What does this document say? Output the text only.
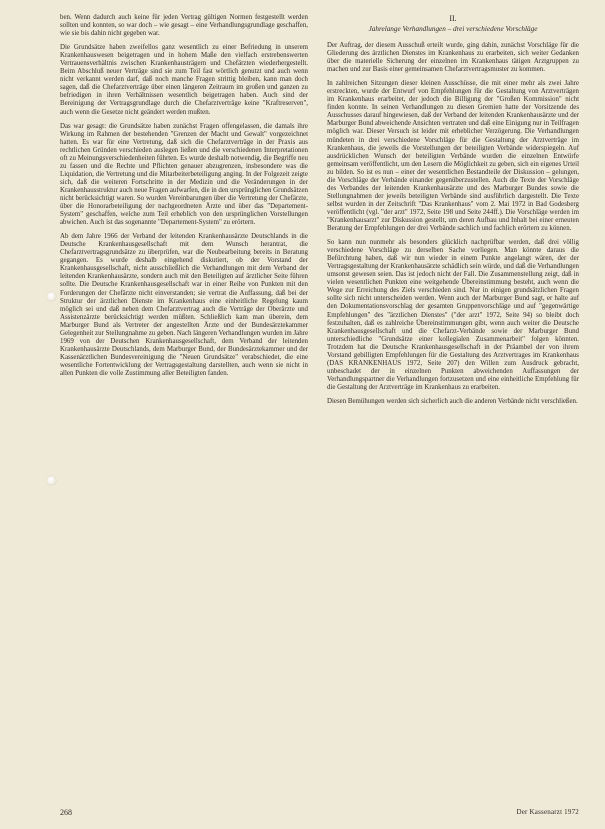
ben. Wenn dadurch auch keine für jeden Vertrag gültigen Normen festgestellt werden sollten und konnten, so war doch – wie gesagt – eine Verhandlungsgrundlage geschaffen, wie sie bis dahin nicht gegeben war.

Die Grundsätze haben zweifellos ganz wesentlich zu einer Befriedung in unserem Krankenhauswesen beigetragen und in hohem Maße den vielfach erstrebenswerten Vertrauensverhältnis zwischen Krankenhausträgern und Chefärzten wiederhergestellt. Beim Abschluß neuer Verträge sind sie zum Teil fast wörtlich genutzt und auch wenn nicht verkannt werden darf, daß noch manche Fragen strittig bleiben, kann man doch sagen, daß die Chefarztverträge über einen längeren Zeitraum im großen und ganzen zu befriedigen in ihren Verhältnissen wesentlich beigetragen haben. Auch sind der Bereinigung der Vertragsgrundlage durch die Chefarztverträge keine "Kraftreserven", auch wenn die Gesetze nicht geändert werden mußten.

Das war gesagt: die Grundsätze haben zunächst Fragen offengelassen, die damals ihre Wirkung im Rahmen der bestehenden "Grenzen der Macht und Gewalt" vorgezeichnet hatten. Es war für eine Vertretung, daß sich die Chefarztverträge in der Praxis aus rechtlichen Gründen verschieden auslegen ließen und die verschiedenen Interpretationen oft zu Meinungsverschiedenheiten führten. Es wurde deshalb notwendig, die Begriffe neu zu fassen und die Rechte und Pflichten genauer abzugrenzen, insbesondere was die Liquidation, die Vertretung und die Mitarbeiterbeteiligung anging. In der Folgezeit zeigte sich, daß die weiteren Fortschritte in der Medizin und die Veränderungen in der Krankenhausstruktur auch neue Fragen aufwarfen, die in den ursprünglichen Grundsätzen nicht berücksichtigt waren. So wurden Vereinbarungen über die Vertretung der Chefärzte, über die Honorarbeteiligung der nachgeordneten Ärzte und über das "Departement-System" geschaffen, welche zum Teil erheblich von den ursprünglichen Vorstellungen abwichen. Auch ist das sogenannte "Departement-System" zu erörtern.

Ab dem Jahre 1966 der Verband der leitenden Krankenhausärzte Deutschlands in die Deutsche Krankenhausgesellschaft mit dem Wunsch herantrat, die Chefarztvertragsgrundsätze zu überprüfen, war die Neubearbeitung bereits in Beratung gegangen. Es wurde deshalb eingehend diskutiert, ob der Vorstand der Krankenhausgesellschaft, nicht ausschließlich die Verhandlungen mit dem Verband der leitenden Krankenhausärzte, sondern auch mit den Beteiligten auf ärztlicher Seite führen sollte. Die Deutsche Krankenhausgesellschaft war in einer Reihe von Punkten mit den Forderungen der Chefärzte nicht einverstanden; sie vertrat die Auffassung, daß bei der Struktur der ärztlichen Dienste im Krankenhaus eine einheitliche Regelung kaum möglich sei und daß neben dem Chefarztvertrag auch die Verträge der Oberärzte und Assistenzärzte berücksichtigt werden müßten. Schließlich kam man überein, dem Marburger Bund als Vertreter der angestellten Ärzte und der Bundesärztekammer Gelegenheit zur Stellungnahme zu geben. Nach längeren Verhandlungen wurden im Jahre 1969 von der Deutschen Krankenhausgesellschaft, dem Verband der leitenden Krankenhausärzte Deutschlands, dem Marburger Bund, der Bundesärztekammer und der Kassenärztlichen Bundesvereinigung die "Neuen Grundsätze" verabschiedet, die eine wesentliche Fortentwicklung der Vertragsgestaltung darstellten, auch wenn sie nicht in allen Punkten die volle Zustimmung aller Beteiligten fanden.

II.
Jahrelange Verhandlungen – drei verschiedene Vorschläge

Der Auftrag, der diesem Ausschuß erteilt wurde, ging dahin, zunächst Vorschläge für die Gliederung des ärztlichen Dienstes im Krankenhaus zu erarbeiten, sich weiter Gedanken über die materielle Sicherung der einzelnen im Krankenhaus tätigen Arztgruppen zu machen und zur Basis einer gemeinsamen Chefarztvertragsmuster zu kommen.

In zahlreichen Sitzungen dieser kleinen Ausschüsse, die mit einer mehr als zwei Jahre erstreckten, wurde der Entwurf von Empfehlungen für die Gestaltung von Arztverträgen im Krankenhaus erarbeitet, der jedoch die Billigung der "Großen Kommission" nicht finden konnte. In seinen Verhandlungen zu diesen Gremien hatte der Vorsitzende des Ausschusses darauf hingewiesen, daß der Verband der leitenden Krankenhausärzte und der Marburger Bund abweichende Ansichten vertraten und daß eine Einigung nur in Teilfragen möglich war. Dieser Versuch ist leider mit erheblicher Verzögerung. Die Verhandlungen mündeten in drei verschiedene Vorschläge für die Gestaltung der Arztverträge im Krankenhaus, die jeweils die Vorstellungen der beteiligten Verbände widerspiegeln. Auf ausdrücklichen Wunsch der beteiligten Verbände wurden die einzelnen Entwürfe gemeinsam veröffentlicht, um den Lesern die Möglichkeit zu geben, sich ein eigenes Urteil zu bilden. So ist es nun – einer der wesentlichen Bestandteile der Diskussion – gelungen, die Vorschläge der Verbände einander gegenüberzustellen. Auch die Texte der Vorschläge des Verbandes der leitenden Krankenhausärzte und des Marburger Bundes sowie die Stellungnahmen der jeweils beteiligten Verbände sind ausführlich dargestellt. Die Texte selbst wurden in der Zeitschrift "Das Krankenhaus" vom 2. Mai 1972 in Bad Godesberg veröffentlicht (vgl. "der arzt" 1972, Seite 198 und Seite 244ff.). Die Vorschläge werden im "Krankenhausarzt" zur Diskussion gestellt, um deren Aufbau und Inhalt bei einer erneuten Beratung der Empfehlungen der drei Verbände sachlich und fachlich erörtern zu können.

So kann nun nunmehr als besonders glücklich nachprüfbar werden, daß drei völlig verschiedene Vorschläge zu derselben Sache vorliegen. Man könnte daraus die Befürchtung haben, daß wir nun wieder in einem Punkte angelangt wären, der der Vertragsgestaltung der Krankenhausärzte schädlich sein würde, und daß die Verhandlungen umsonst gewesen seien. Das ist jedoch nicht der Fall. Die Zusammenstellung zeigt, daß in vielen wesentlichen Punkten eine weitgehende Übereinstimmung besteht, auch wenn die Wege zur Erreichung des Ziels verschieden sind. Nur in einigen grundsätzlichen Fragen sollte sich nicht unterscheiden werden. Wenn auch der Marburger Bund sagt, er halte auf den Dokumentationsvorschlag der gesamten Gruppenvorschläge und auf "gegenwärtige Empfehlungen" des "ärztlichen Dienstes" ("der arzt" 1972, Seite 94) so bleibt doch festzuhalten, daß es zahlreiche Übereinstimmungen gibt, wenn auch weiter die Deutsche Krankenhausgesellschaft und die Chefarzt-Verbände sowie der Marburger Bund unterschiedliche "Grundsätze einer kollegialen Zusammenarbeit" folgen könnten. Trotzdem hat die Deutsche Krankenhausgesellschaft in der Präambel der von ihrem Vorstand gebilligten Empfehlungen für die Gestaltung des Arztvertrages im Krankenhaus (DAS KRANKENHAUS 1972, Seite 207) den Willen zum Ausdruck gebracht, unbeschadet der in einzelnen Punkten abweichenden Auffassungen der Verhandlungspartner die Verhandlungen fortzusetzen und eine einheitliche Empfehlung für die Gestaltung der Arztverträge im Krankenhaus zu erarbeiten.

Diesen Bemühungen werden sich sicherlich auch die anderen Verbände nicht verschließen.

268	Der Kassenarzt 1972
